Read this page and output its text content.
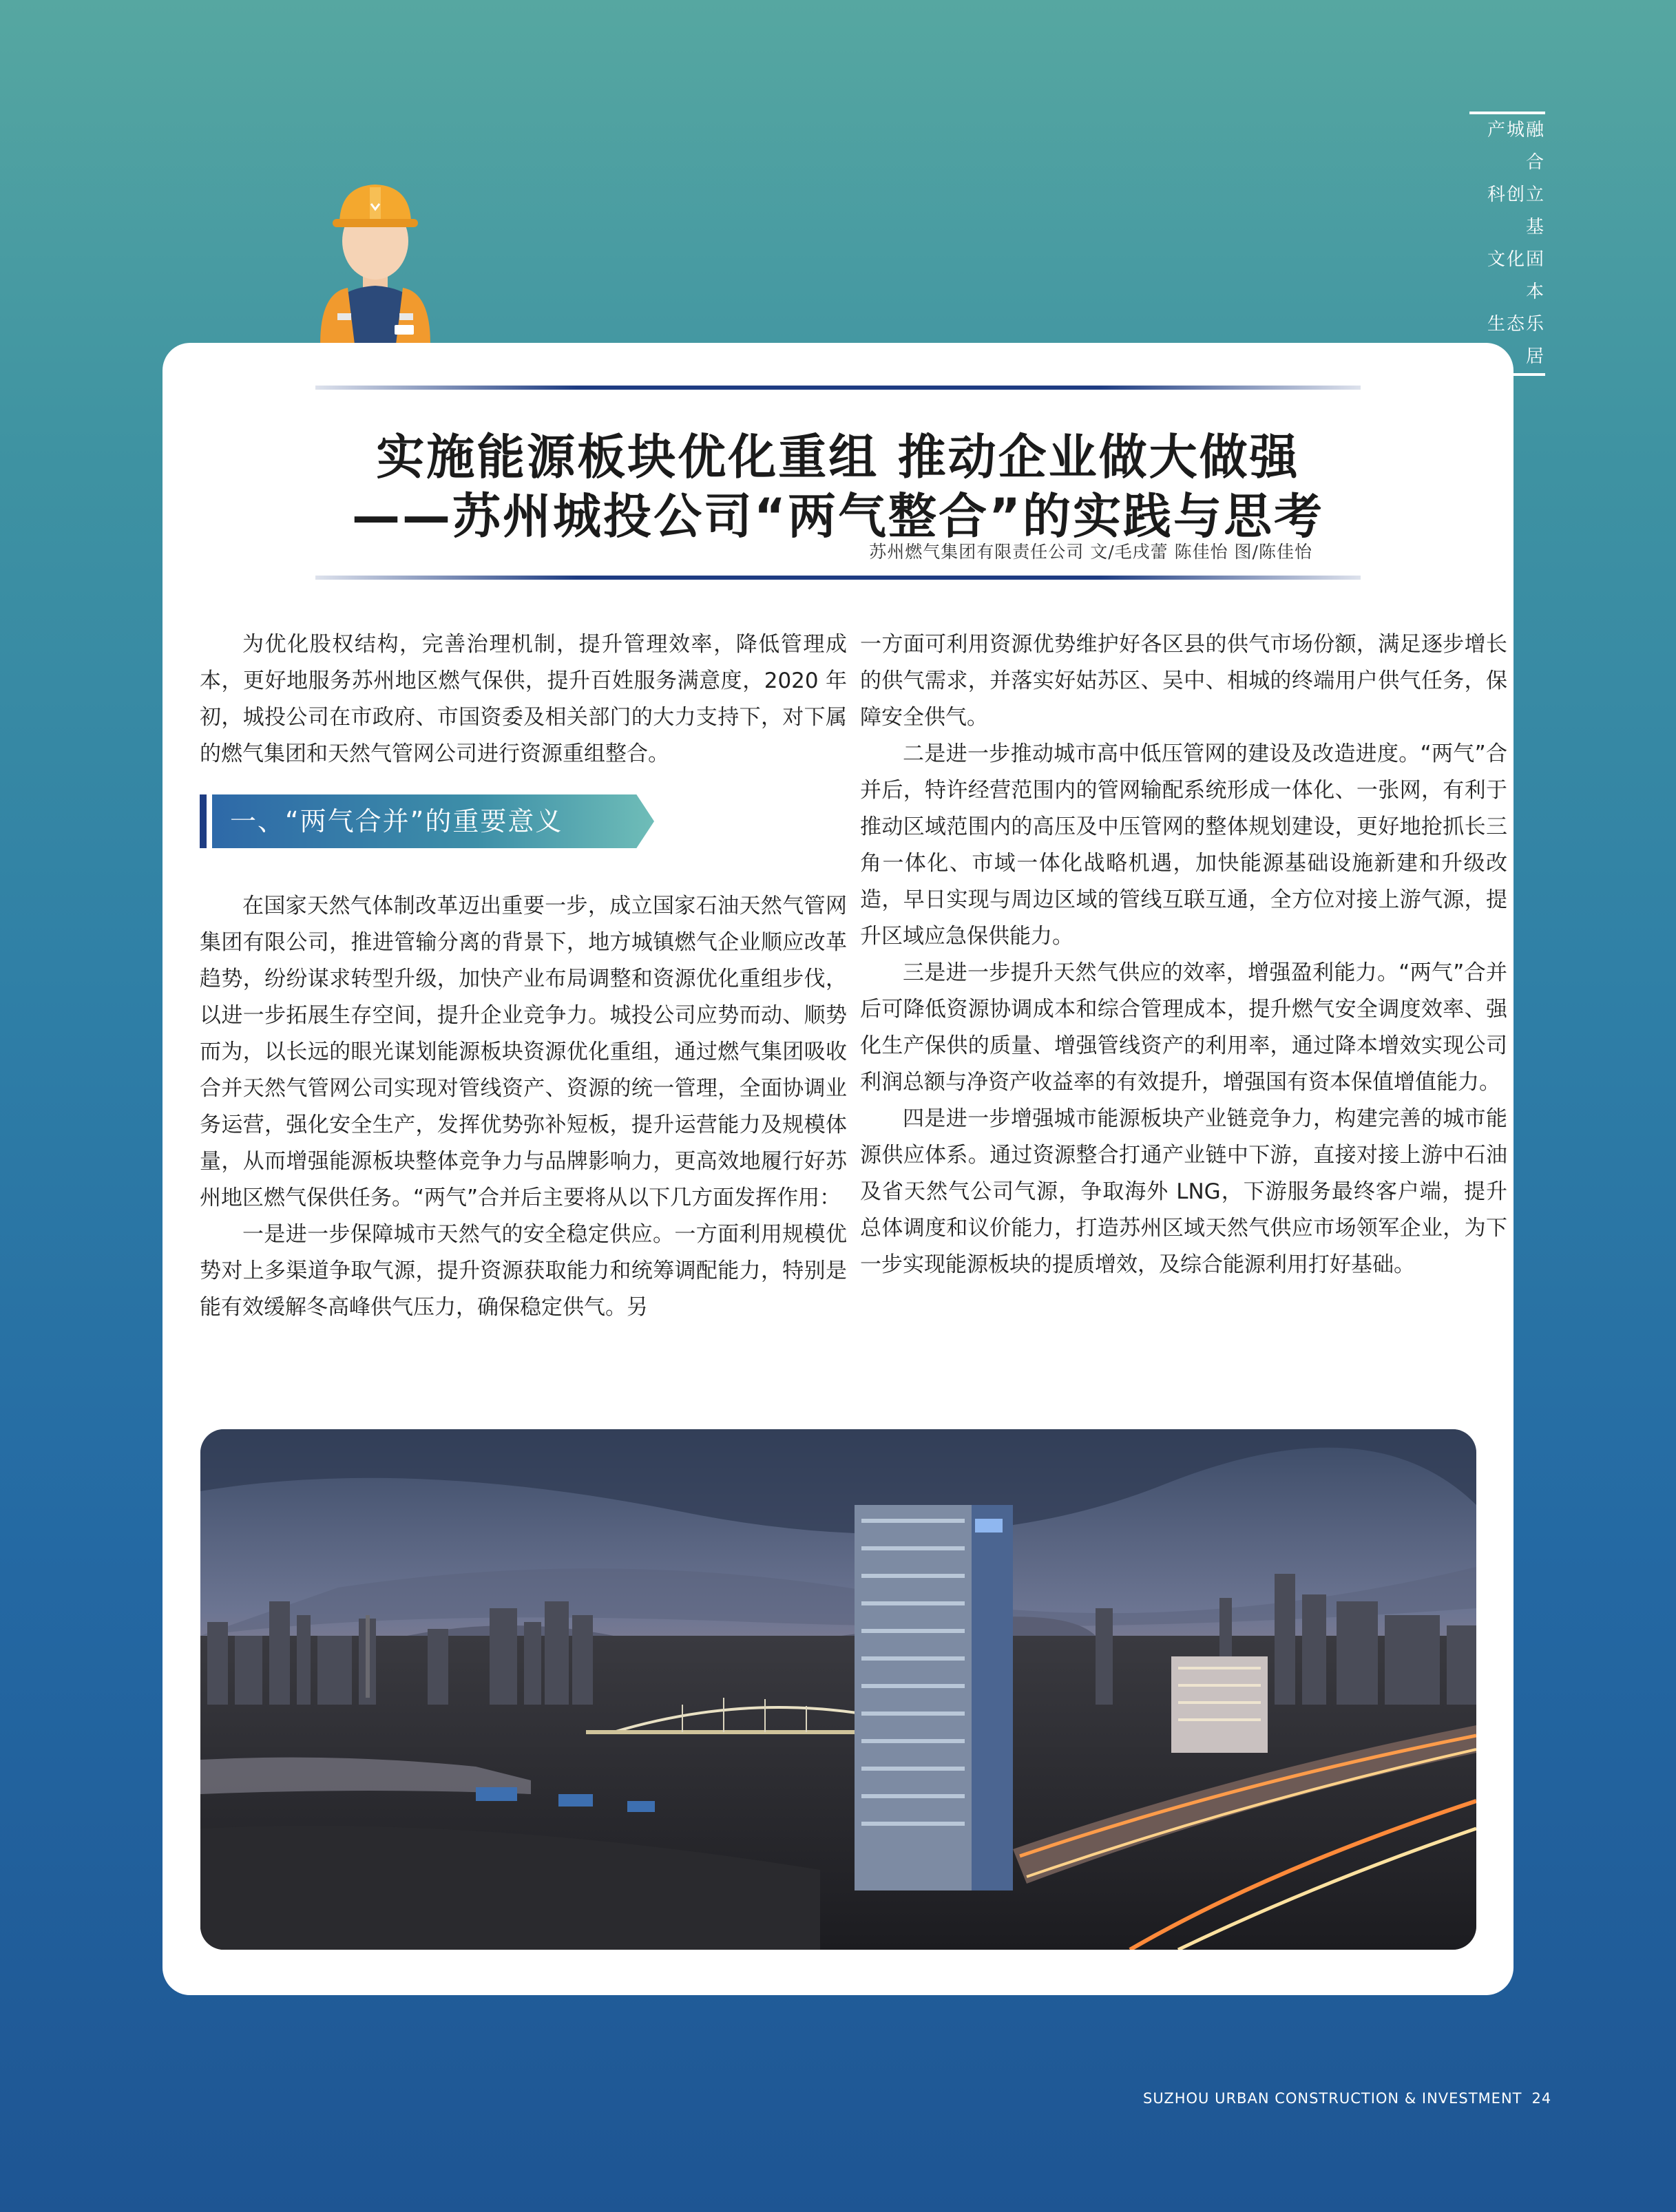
产城融合
科创立基
文化固本
生态乐居
实施能源板块优化重组 推动企业做大做强
——苏州城投公司“两气整合”的实践与思考
苏州燃气集团有限责任公司 文/毛戌蕾 陈佳怡 图/陈佳怡

为优化股权结构，完善治理机制，提升管理效率，降低管理成本，更好地服务苏州地区燃气保供，提升百姓服务满意度，2020 年初，城投公司在市政府、市国资委及相关部门的大力支持下，对下属的燃气集团和天然气管网公司进行资源重组整合。

一、“两气合并”的重要意义

在国家天然气体制改革迈出重要一步，成立国家石油天然气管网集团有限公司，推进管输分离的背景下，地方城镇燃气企业顺应改革趋势，纷纷谋求转型升级，加快产业布局调整和资源优化重组步伐，以进一步拓展生存空间，提升企业竞争力。城投公司应势而动、顺势而为，以长远的眼光谋划能源板块资源优化重组，通过燃气集团吸收合并天然气管网公司实现对管线资产、资源的统一管理，全面协调业务运营，强化安全生产，发挥优势弥补短板，提升运营能力及规模体量，从而增强能源板块整体竞争力与品牌影响力，更高效地履行好苏州地区燃气保供任务。“两气”合并后主要将从以下几方面发挥作用：

一是进一步保障城市天然气的安全稳定供应。一方面利用规模优势对上多渠道争取气源，提升资源获取能力和统筹调配能力，特别是能有效缓解冬高峰供气压力，确保稳定供气。另

一方面可利用资源优势维护好各区县的供气市场份额，满足逐步增长的供气需求，并落实好姑苏区、吴中、相城的终端用户供气任务，保障安全供气。

二是进一步推动城市高中低压管网的建设及改造进度。“两气”合并后，特许经营范围内的管网输配系统形成一体化、一张网，有利于推动区域范围内的高压及中压管网的整体规划建设，更好地抢抓长三角一体化、市域一体化战略机遇，加快能源基础设施新建和升级改造，早日实现与周边区域的管线互联互通，全方位对接上游气源，提升区域应急保供能力。

三是进一步提升天然气供应的效率，增强盈利能力。“两气”合并后可降低资源协调成本和综合管理成本，提升燃气安全调度效率、强化生产保供的质量、增强管线资产的利用率，通过降本增效实现公司利润总额与净资产收益率的有效提升，增强国有资本保值增值能力。

四是进一步增强城市能源板块产业链竞争力，构建完善的城市能源供应体系。通过资源整合打通产业链中下游，直接对接上游中石油及省天然气公司气源，争取海外 LNG，下游服务最终客户端，提升总体调度和议价能力，打造苏州区域天然气供应市场领军企业，为下一步实现能源板块的提质增效，及综合能源利用打好基础。

SUZHOU URBAN CONSTRUCTION & INVESTMENT 24
